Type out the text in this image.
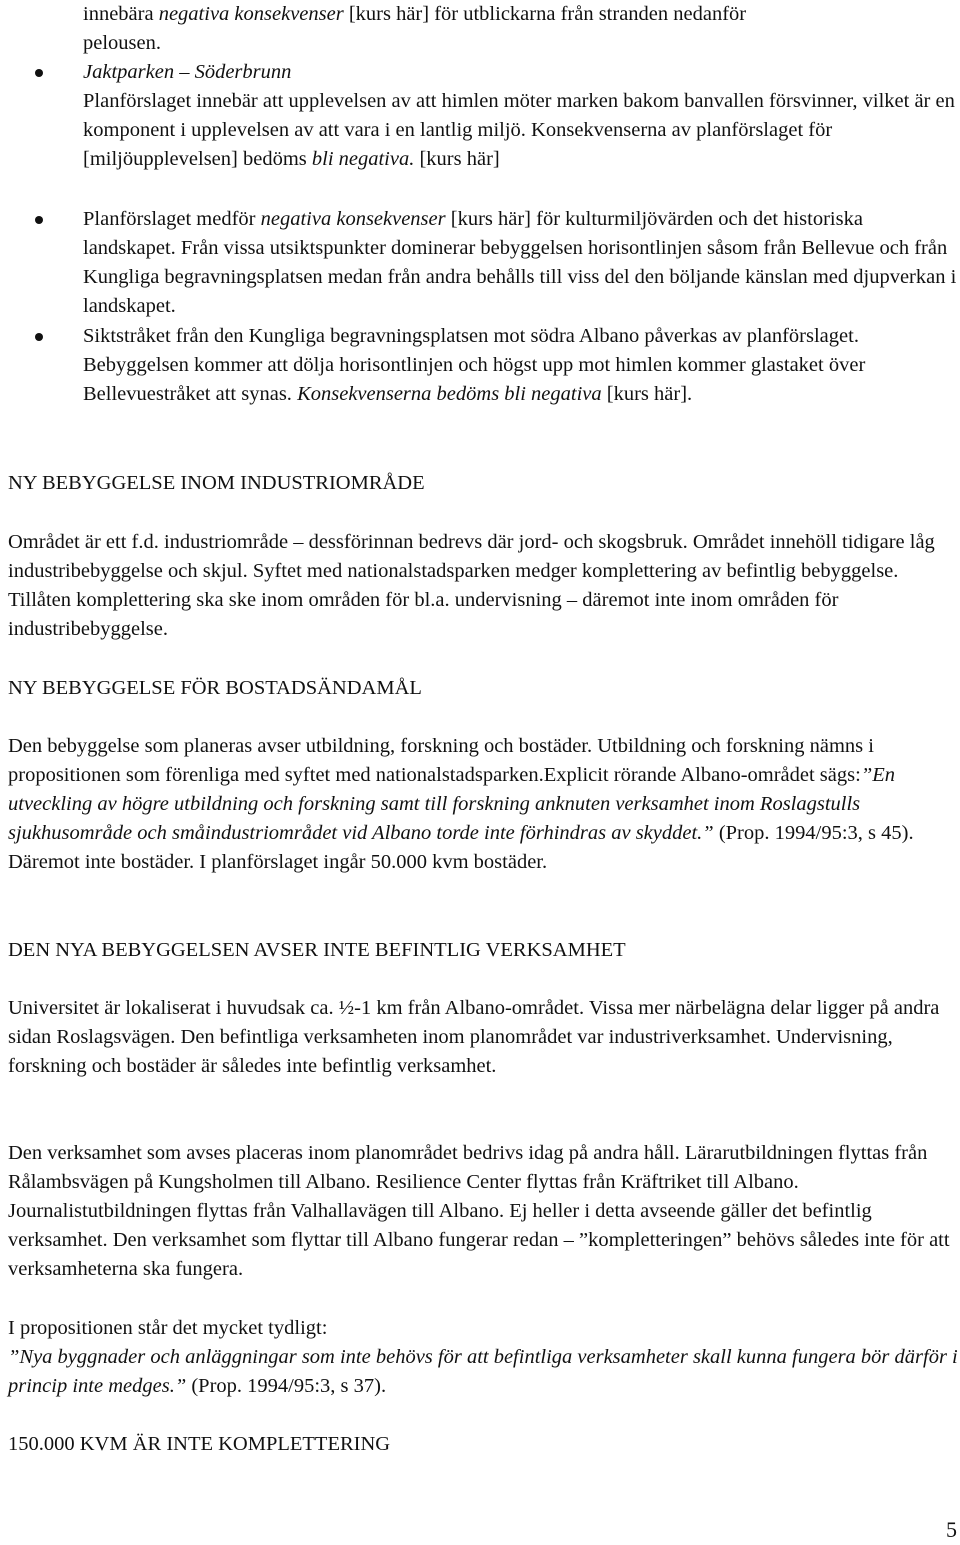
innebära negativa konsekvenser [kurs här] för utblickarna från stranden nedanför
pelousen.
Jaktparken – Söderbrunn
Planförslaget innebär att upplevelsen av att himlen möter marken bakom banvallen försvinner, vilket är en komponent i upplevelsen av att vara i en lantlig miljö. Konsekvenserna av planförslaget för [miljöupplevelsen] bedöms bli negativa. [kurs här]
Planförslaget medför negativa konsekvenser [kurs här] för kulturmiljövärden och det historiska landskapet. Från vissa utsiktspunkter dominerar bebyggelsen horisontlinjen såsom från Bellevue och från Kungliga begravningsplatsen medan från andra behålls till viss del den böljande känslan med djupverkan i landskapet.
Siktstråket från den Kungliga begravningsplatsen mot södra Albano påverkas av planförslaget. Bebyggelsen kommer att dölja horisontlinjen och högst upp mot himlen kommer glastaket över Bellevuestråket att synas. Konsekvenserna bedöms bli negativa [kurs här].
NY BEBYGGELSE INOM INDUSTRIOMRÅDE
Området är ett f.d. industriområde – dessförinnan bedrevs där jord- och skogsbruk. Området innehöll tidigare låg industribebyggelse och skjul. Syftet med nationalstadsparken medger komplettering av befintlig bebyggelse. Tillåten komplettering ska ske inom områden för bl.a. undervisning – däremot inte inom områden för industribebyggelse.
NY BEBYGGELSE FÖR BOSTADSÄNDAMÅL
Den bebyggelse som planeras avser utbildning, forskning och bostäder. Utbildning och forskning nämns i propositionen som förenliga med syftet med nationalstadsparken.Explicit rörande Albano-området sägs:”En utveckling av högre utbildning och forskning samt till forskning anknuten verksamhet inom Roslagstulls sjukhusområde och småindustriområdet vid Albano torde inte förhindras av skyddet.” (Prop. 1994/95:3, s 45). Däremot inte bostäder. I planförslaget ingår 50.000 kvm bostäder.
DEN NYA BEBYGGELSEN AVSER INTE BEFINTLIG VERKSAMHET
Universitet är lokaliserat i huvudsak ca. ½-1 km från Albano-området. Vissa mer närbelägna delar ligger på andra sidan Roslagsvägen. Den befintliga verksamheten inom planområdet var industriverksamhet. Undervisning, forskning och bostäder är således inte befintlig verksamhet.
Den verksamhet som avses placeras inom planområdet bedrivs idag på andra håll. Lärarutbildningen flyttas från Rålambsvägen på Kungsholmen till Albano. Resilience Center flyttas från Kräftriket till Albano. Journalistutbildningen flyttas från Valhallavägen till Albano. Ej heller i detta avseende gäller det befintlig verksamhet. Den verksamhet som flyttar till Albano fungerar redan – ”kompletteringen” behövs således inte för att verksamheterna ska fungera.
I propositionen står det mycket tydligt:
”Nya byggnader och anläggningar som inte behövs för att befintliga verksamheter skall kunna fungera bör därför i princip inte medges.” (Prop. 1994/95:3, s 37).
150.000 KVM ÄR INTE KOMPLETTERING
5
